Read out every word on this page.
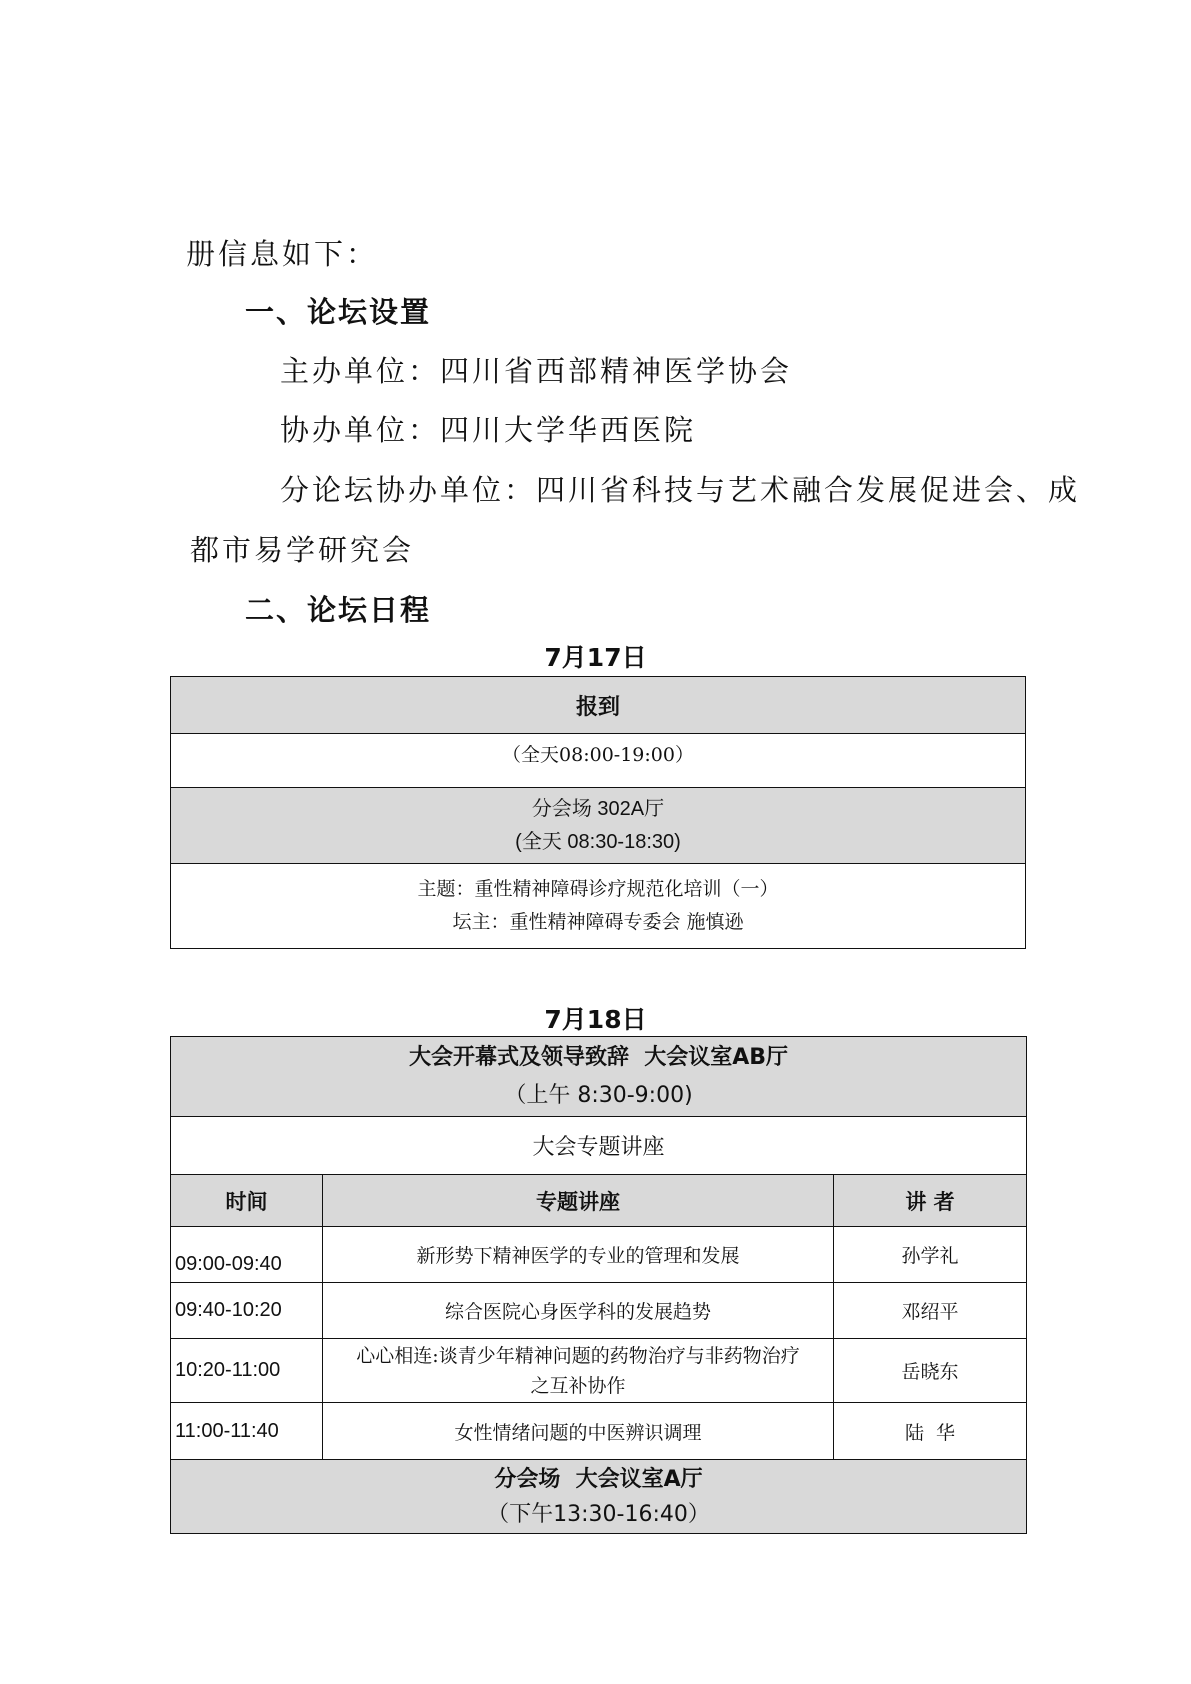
册信息如下：
一、论坛设置
主办单位：四川省西部精神医学协会
协办单位：四川大学华西医院
分论坛协办单位：四川省科技与艺术融合发展促进会、成
都市易学研究会
二、论坛日程
7月17日
报到
（全天08:00-19:00）

分会场 302A厅
(全天 08:30-18:30)

主题：重性精神障碍诊疗规范化培训（一）
坛主：重性精神障碍专委会 施慎逊
7月18日
大会开幕式及领导致辞  大会议室AB厅
（上午 8:30-9:00)		

大会专题讲座		
时间	专题讲座	讲 者
09:00-09:40	新形势下精神医学的专业的管理和发展	孙学礼
09:40-10:20	综合医院心身医学科的发展趋势	邓绍平
10:20-11:00	心心相连:谈青少年精神问题的药物治疗与非药物治疗
之互补协作	岳晓东
11:00-11:40	女性情绪问题的中医辨识调理	陆  华

分会场  大会议室A厅
（下午13:30-16:40）		
